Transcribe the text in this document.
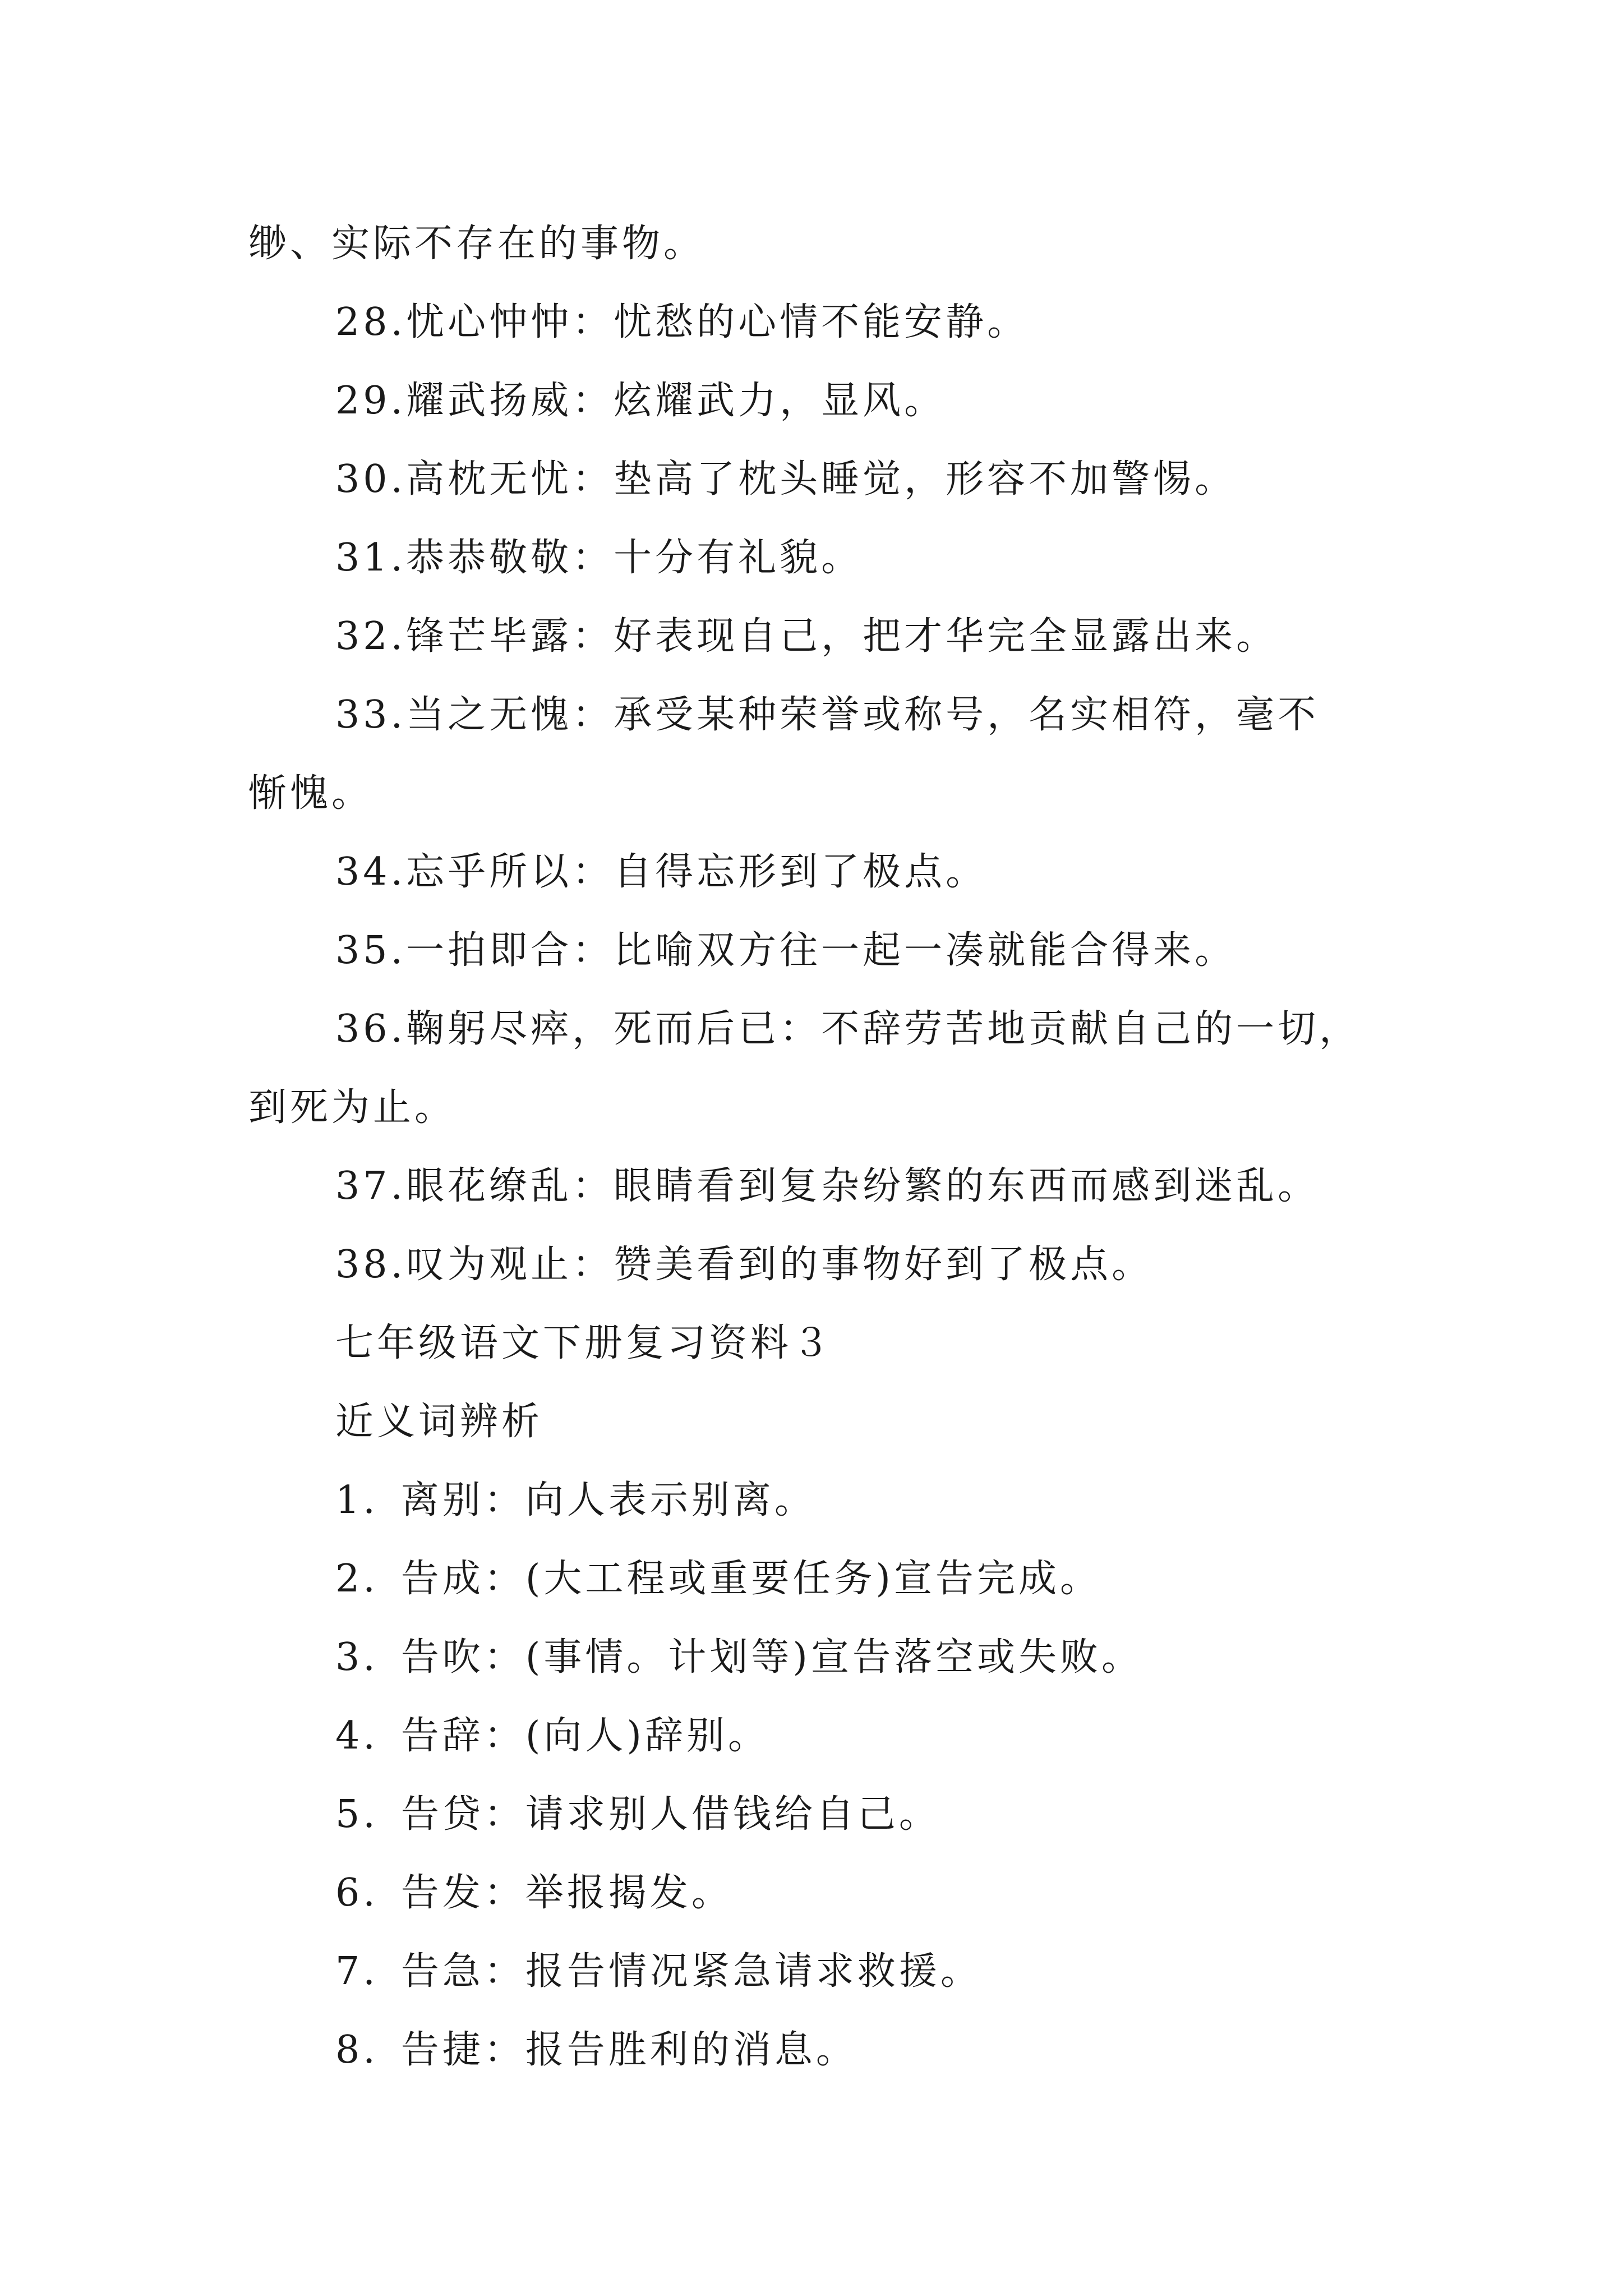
缈、实际不存在的事物。
28.忧心忡忡：忧愁的心情不能安静。
29.耀武扬威：炫耀武力，显风。
30.高枕无忧：垫高了枕头睡觉，形容不加警惕。
31.恭恭敬敬：十分有礼貌。
32.锋芒毕露：好表现自己，把才华完全显露出来。
33.当之无愧：承受某种荣誉或称号，名实相符，毫不
惭愧。
34.忘乎所以：自得忘形到了极点。
35.一拍即合：比喻双方往一起一凑就能合得来。
36.鞠躬尽瘁，死而后已：不辞劳苦地贡献自己的一切，
到死为止。
37.眼花缭乱：眼睛看到复杂纷繁的东西而感到迷乱。
38.叹为观止：赞美看到的事物好到了极点。
七年级语文下册复习资料３
近义词辨析
1. 离别：向人表示别离。
2. 告成：(大工程或重要任务)宣告完成。
3. 告吹：(事情。计划等)宣告落空或失败。
4. 告辞：(向人)辞别。
5. 告贷：请求别人借钱给自己。
6. 告发：举报揭发。
7. 告急：报告情况紧急请求救援。
8. 告捷：报告胜利的消息。
